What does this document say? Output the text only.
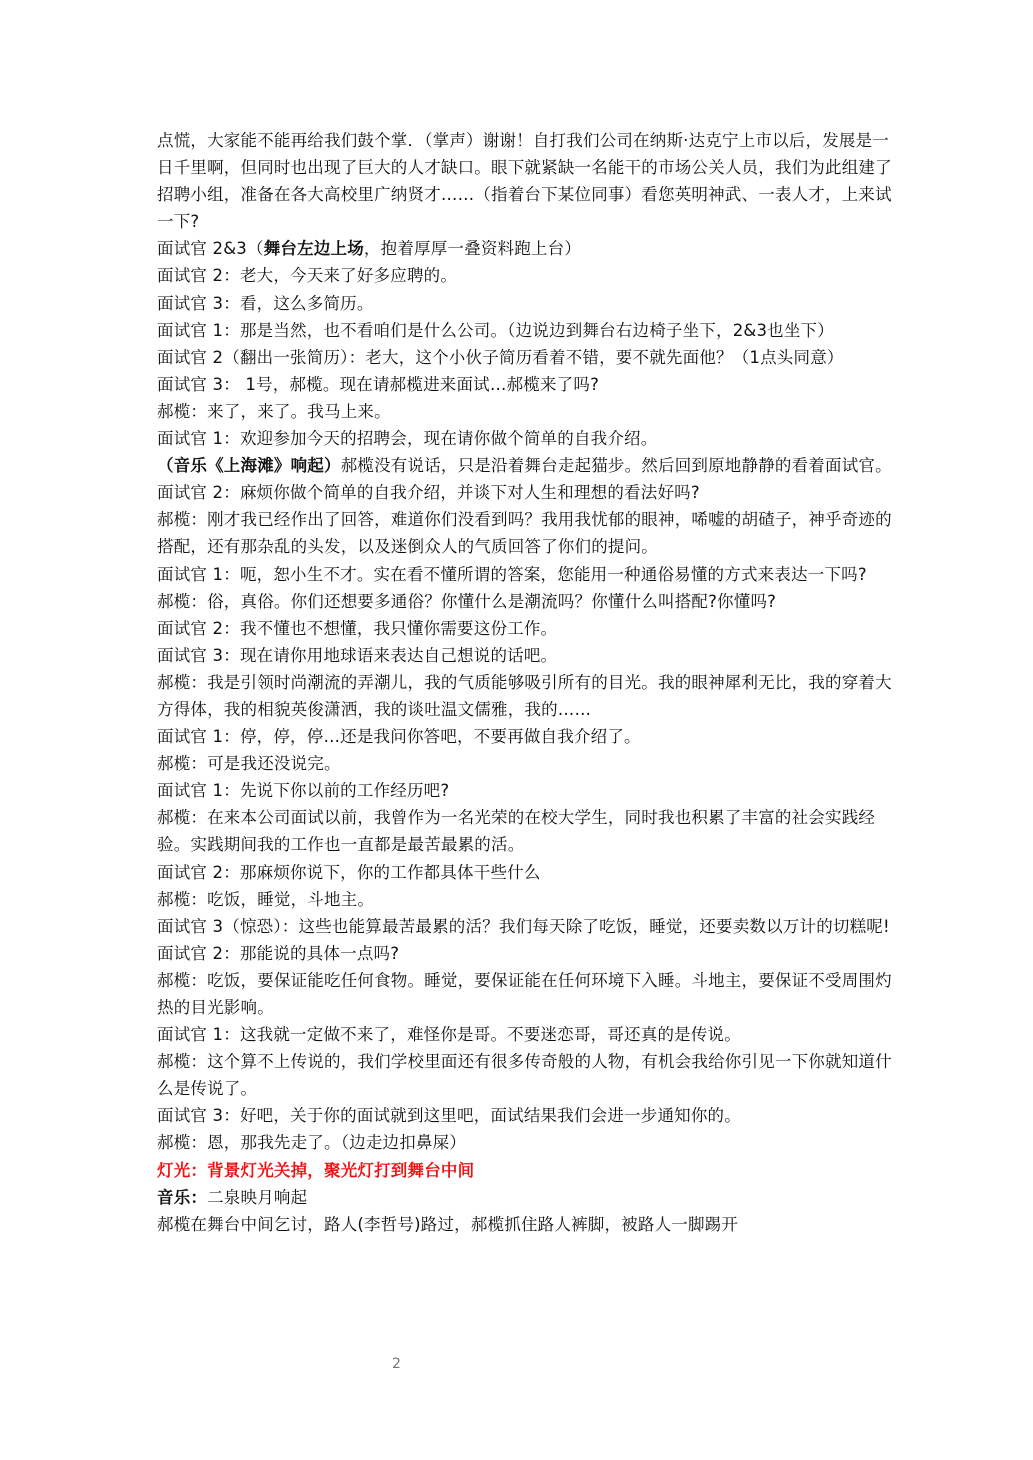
点慌，大家能不能再给我们鼓个掌．（掌声）谢谢！自打我们公司在纳斯·达克宁上市以后，发展是一日千里啊，但同时也出现了巨大的人才缺口。眼下就紧缺一名能干的市场公关人员，我们为此组建了招聘小组，准备在各大高校里广纳贤才……（指着台下某位同事）看您英明神武、一表人才，上来试一下?

面试官 2&3（舞台左边上场，抱着厚厚一叠资料跑上台）

面试官 2：老大，今天来了好多应聘的。

面试官 3：看，这么多简历。

面试官 1：那是当然，也不看咱们是什么公司。（边说边到舞台右边椅子坐下，2&3也坐下）

面试官 2（翻出一张简历）：老大，这个小伙子简历看着不错，要不就先面他？（1点头同意）

面试官 3： 1号，郝榄。现在请郝榄进来面试…郝榄来了吗?

郝榄：来了，来了。我马上来。

面试官 1：欢迎参加今天的招聘会，现在请你做个简单的自我介绍。

（音乐《上海滩》响起）郝榄没有说话，只是沿着舞台走起猫步。然后回到原地静静的看着面试官。

面试官 2：麻烦你做个简单的自我介绍，并谈下对人生和理想的看法好吗?

郝榄：刚才我已经作出了回答，难道你们没看到吗？我用我忧郁的眼神，唏嘘的胡碴子，神乎奇迹的搭配，还有那杂乱的头发，以及迷倒众人的气质回答了你们的提问。

面试官 1：呃，恕小生不才。实在看不懂所谓的答案，您能用一种通俗易懂的方式来表达一下吗?

郝榄：俗，真俗。你们还想要多通俗？你懂什么是潮流吗？你懂什么叫搭配?你懂吗?

面试官 2：我不懂也不想懂，我只懂你需要这份工作。

面试官 3：现在请你用地球语来表达自己想说的话吧。

郝榄：我是引领时尚潮流的弄潮儿，我的气质能够吸引所有的目光。我的眼神犀利无比，我的穿着大方得体，我的相貌英俊潇洒，我的谈吐温文儒雅，我的……

面试官 1：停，停，停…还是我问你答吧，不要再做自我介绍了。

郝榄：可是我还没说完。

面试官 1：先说下你以前的工作经历吧?

郝榄：在来本公司面试以前，我曾作为一名光荣的在校大学生，同时我也积累了丰富的社会实践经验。实践期间我的工作也一直都是最苦最累的活。

面试官 2：那麻烦你说下，你的工作都具体干些什么

郝榄：吃饭，睡觉，斗地主。

面试官 3（惊恐）：这些也能算最苦最累的活？我们每天除了吃饭，睡觉，还要卖数以万计的切糕呢!

面试官 2：那能说的具体一点吗?

郝榄：吃饭，要保证能吃任何食物。睡觉，要保证能在任何环境下入睡。斗地主，要保证不受周围灼热的目光影响。

面试官 1：这我就一定做不来了，难怪你是哥。不要迷恋哥，哥还真的是传说。

郝榄：这个算不上传说的，我们学校里面还有很多传奇般的人物，有机会我给你引见一下你就知道什么是传说了。

面试官 3：好吧，关于你的面试就到这里吧，面试结果我们会进一步通知你的。

郝榄：恩，那我先走了。（边走边扣鼻屎）

灯光：背景灯光关掉，聚光灯打到舞台中间

音乐：二泉映月响起

郝榄在舞台中间乞讨，路人(李哲号)路过，郝榄抓住路人裤脚，被路人一脚踢开

2
